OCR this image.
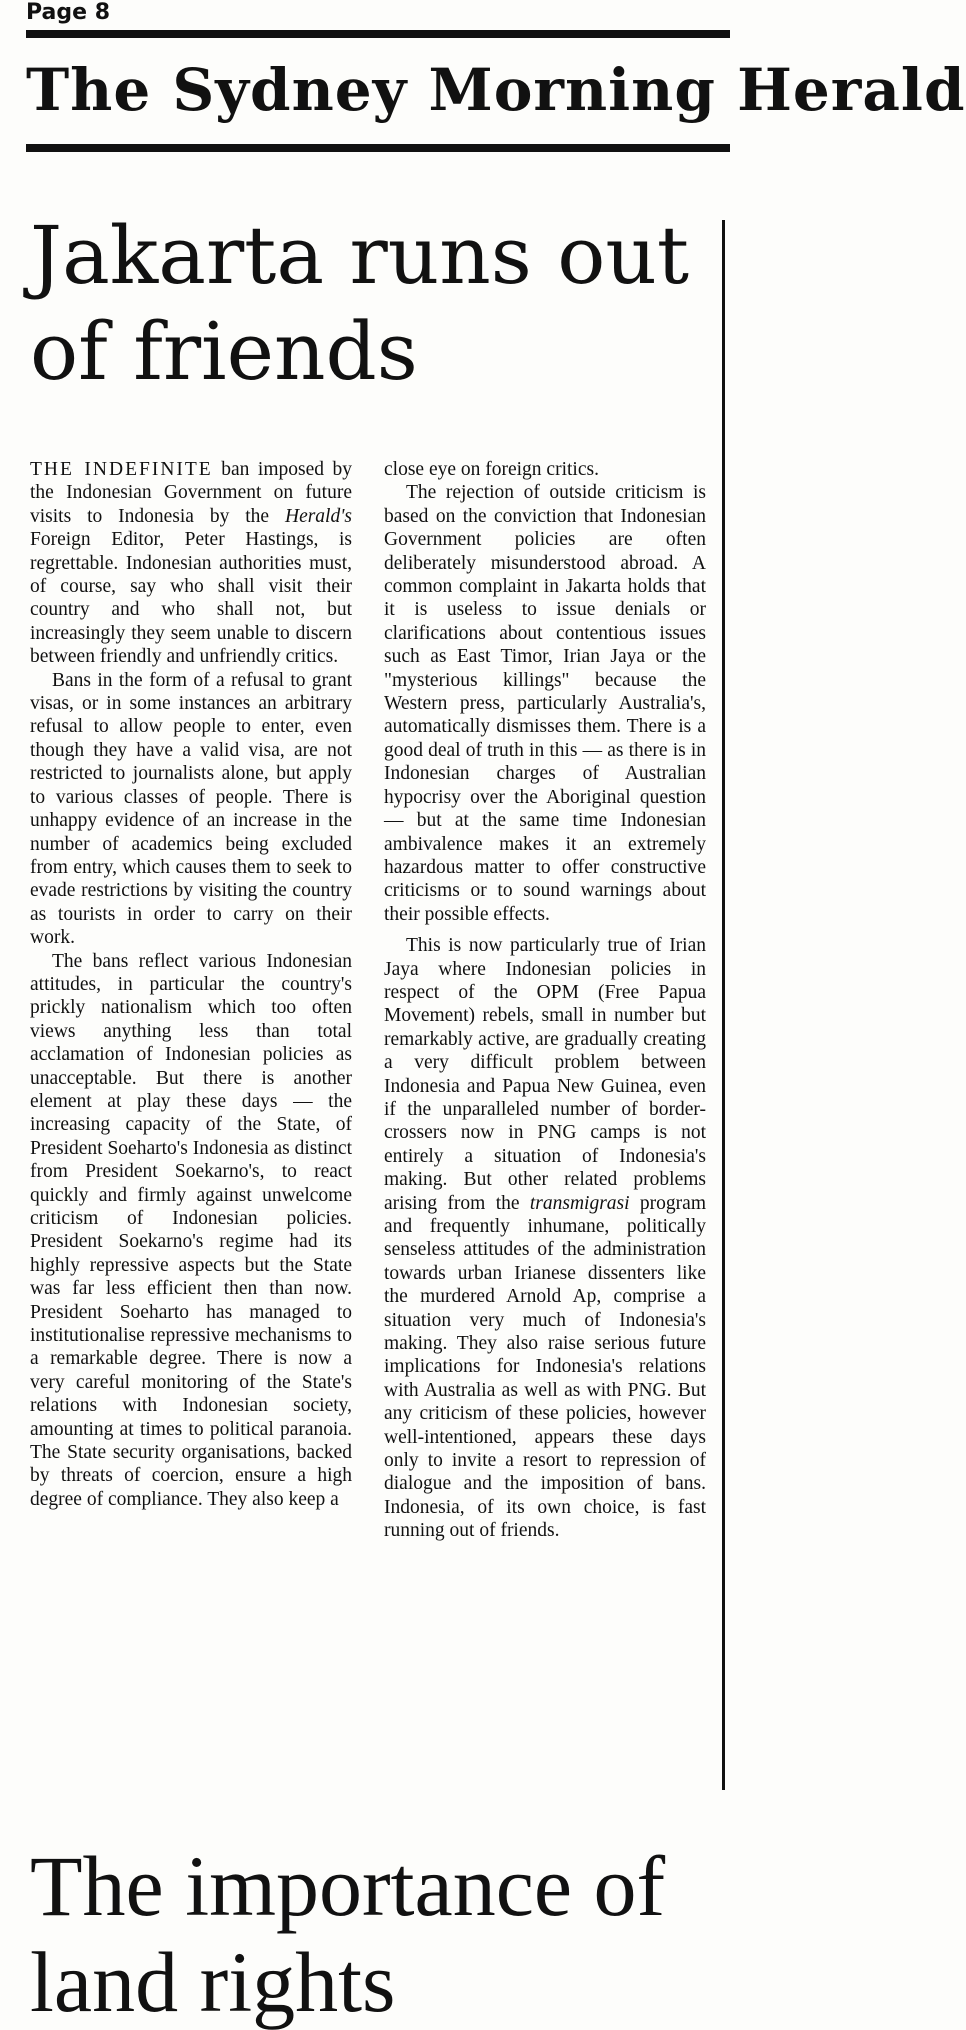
Page 8
The Sydney Morning Herald
Jakarta runs out of friends

THE INDEFINITE ban imposed by the Indonesian Government on future visits to Indonesia by the Herald's Foreign Editor, Peter Hastings, is regrettable. Indonesian authorities must, of course, say who shall visit their country and who shall not, but increasingly they seem unable to discern between friendly and unfriendly critics.

Bans in the form of a refusal to grant visas, or in some instances an arbitrary refusal to allow people to enter, even though they have a valid visa, are not restricted to journalists alone, but apply to various classes of people. There is unhappy evidence of an increase in the number of academics being excluded from entry, which causes them to seek to evade restrictions by visiting the country as tourists in order to carry on their work.

The bans reflect various Indonesian attitudes, in particular the country's prickly nationalism which too often views anything less than total acclamation of Indonesian policies as unacceptable. But there is another element at play these days — the increasing capacity of the State, of President Soeharto's Indonesia as distinct from President Soekarno's, to react quickly and firmly against unwelcome criticism of Indonesian policies. President Soekarno's regime had its highly repressive aspects but the State was far less efficient then than now. President Soeharto has managed to institutionalise repressive mechanisms to a remarkable degree. There is now a very careful monitoring of the State's relations with Indonesian society, amounting at times to political paranoia. The State security organisations, backed by threats of coercion, ensure a high degree of compliance. They also keep a

close eye on foreign critics.

The rejection of outside criticism is based on the conviction that Indonesian Government policies are often deliberately misunderstood abroad. A common complaint in Jakarta holds that it is useless to issue denials or clarifications about contentious issues such as East Timor, Irian Jaya or the "mysterious killings" because the Western press, particularly Australia's, automatically dismisses them. There is a good deal of truth in this — as there is in Indonesian charges of Australian hypocrisy over the Aboriginal question — but at the same time Indonesian ambivalence makes it an extremely hazardous matter to offer constructive criticisms or to sound warnings about their possible effects.

This is now particularly true of Irian Jaya where Indonesian policies in respect of the OPM (Free Papua Movement) rebels, small in number but remarkably active, are gradually creating a very difficult problem between Indonesia and Papua New Guinea, even if the unparalleled number of border-crossers now in PNG camps is not entirely a situation of Indonesia's making. But other related problems arising from the transmigrasi program and frequently inhumane, politically senseless attitudes of the administration towards urban Irianese dissenters like the murdered Arnold Ap, comprise a situation very much of Indonesia's making. They also raise serious future implications for Indonesia's relations with Australia as well as with PNG. But any criticism of these policies, however well-intentioned, appears these days only to invite a resort to repression of dialogue and the imposition of bans. Indonesia, of its own choice, is fast running out of friends.

The importance of land rights
